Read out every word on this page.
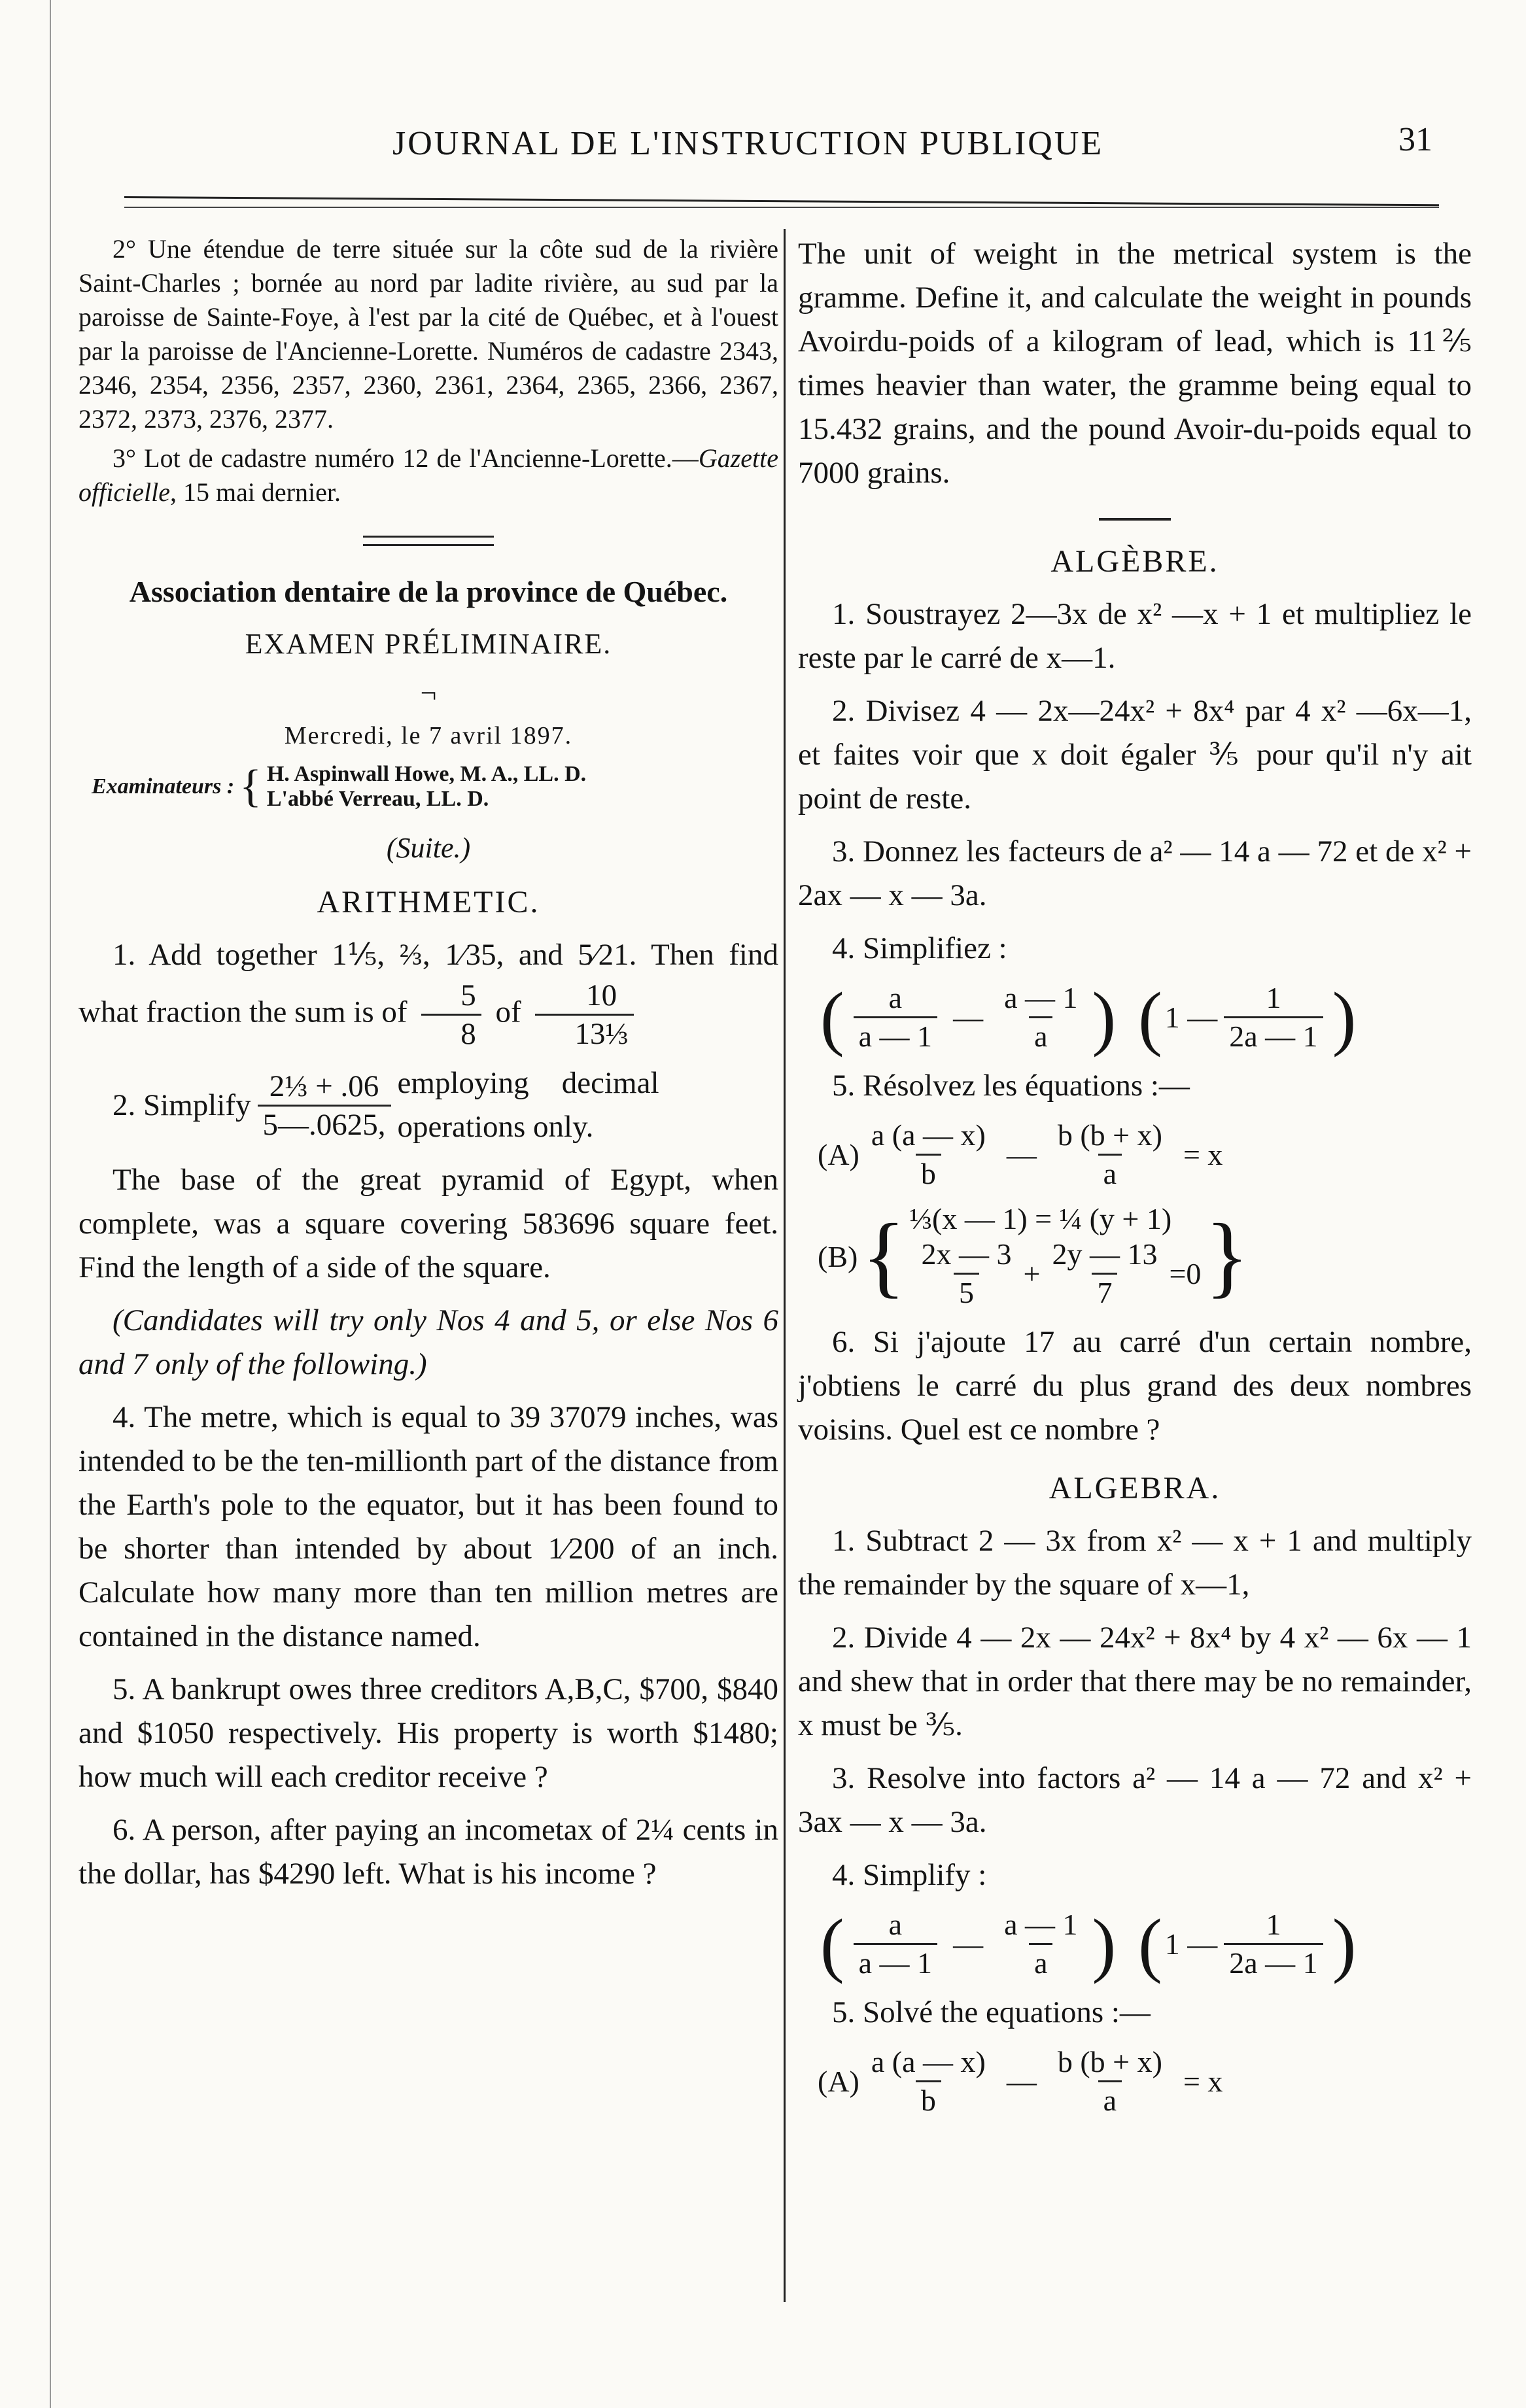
JOURNAL DE L'INSTRUCTION PUBLIQUE	31

2° Une étendue de terre située sur la côte sud de la rivière Saint-Charles ; bornée au nord par ladite rivière, au sud par la paroisse de Sainte-Foye, à l'est par la cité de Québec, et à l'ouest par la paroisse de l'Ancienne-Lorette. Numéros de cadastre 2343, 2346, 2354, 2356, 2357, 2360, 2361, 2364, 2365, 2366, 2367, 2372, 2373, 2376, 2377.

3° Lot de cadastre numéro 12 de l'Ancienne-Lorette.—Gazette officielle, 15 mai dernier.

Association dentaire de la province de Québec.

EXAMEN PRÉLIMINAIRE.

¬

Mercredi, le 7 avril 1897.

Examinateurs : { H. Aspinwall Howe, M. A., LL. D.
L'abbé Verreau, LL. D.

(Suite.)

ARITHMETIC.

1. Add together 1⅕, ⅔, 1⁄35, and 5⁄21. Then find what fraction the sum is of $\frac{5}{8}$ of $\frac{10}{\text{13⅓}}$
2. Simplify $\frac{\text{2⅓ + .06}}{5—.0625,}$ employing decimal operations only.

The base of the great pyramid of Egypt, when complete, was a square covering 583696 square feet. Find the length of a side of the square.

(Candidates will try only Nos 4 and 5, or else Nos 6 and 7 only of the following.)

4. The metre, which is equal to 39 37079 inches, was intended to be the ten-millionth part of the distance from the Earth's pole to the equator, but it has been found to be shorter than intended by about 1⁄200 of an inch. Calculate how many more than ten million metres are contained in the distance named.

5. A bankrupt owes three creditors A,B,C, $700, $840 and $1050 respectively. His property is worth $1480; how much will each creditor receive ?

6. A person, after paying an incometax of 2¼ cents in the dollar, has $4290 left. What is his income ?

The unit of weight in the metrical system is the gramme. Define it, and calculate the weight in pounds Avoirdu-poids of a kilogram of lead, which is 11⅖ times heavier than water, the gramme being equal to 15.432 grains, and the pound Avoir-du-poids equal to 7000 grains.

ALGÈBRE.

1. Soustrayez 2—3x de x² —x + 1 et multipliez le reste par le carré de x—1.

2. Divisez 4 — 2x—24x² + 8x⁴ par 4 x² —6x—1, et faites voir que x doit égaler ⅗ pour qu'il n'y ait point de reste.

3. Donnez les facteurs de a² — 14 a — 72 et de x² + 2ax — x — 3a.

4. Simplifiez :

( $\frac{a}{a — 1}$ — $\frac{a — 1}{a}$ ) ( 1 — $\frac{1}{2a — 1}$ )

5. Résolvez les équations :—

$(A) \frac{a (a — x)}{b}$ — $\frac{b (b + x)}{a} = x$
(B) { ⅓(x — 1) = ¼ (y + 1)
$\frac{2x — 3}{5} + \frac{2y — 13}{7} =0$ }

6. Si j'ajoute 17 au carré d'un certain nombre, j'obtiens le carré du plus grand des deux nombres voisins. Quel est ce nombre ?

ALGEBRA.

1. Subtract 2 — 3x from x² — x + 1 and multiply the remainder by the square of x—1,

2. Divide 4 — 2x — 24x² + 8x⁴ by 4 x² — 6x — 1 and shew that in order that there may be no remainder, x must be ⅗.

3. Resolve into factors a² — 14 a — 72 and x² + 3ax — x — 3a.

4. Simplify :

( $\frac{a}{a — 1}$ — $\frac{a — 1}{a}$ ) ( 1 — $\frac{1}{2a — 1}$ )

5. Solvé the equations :—

$(A) \frac{a (a — x)}{b}$ — $\frac{b (b + x)}{a} = x$
